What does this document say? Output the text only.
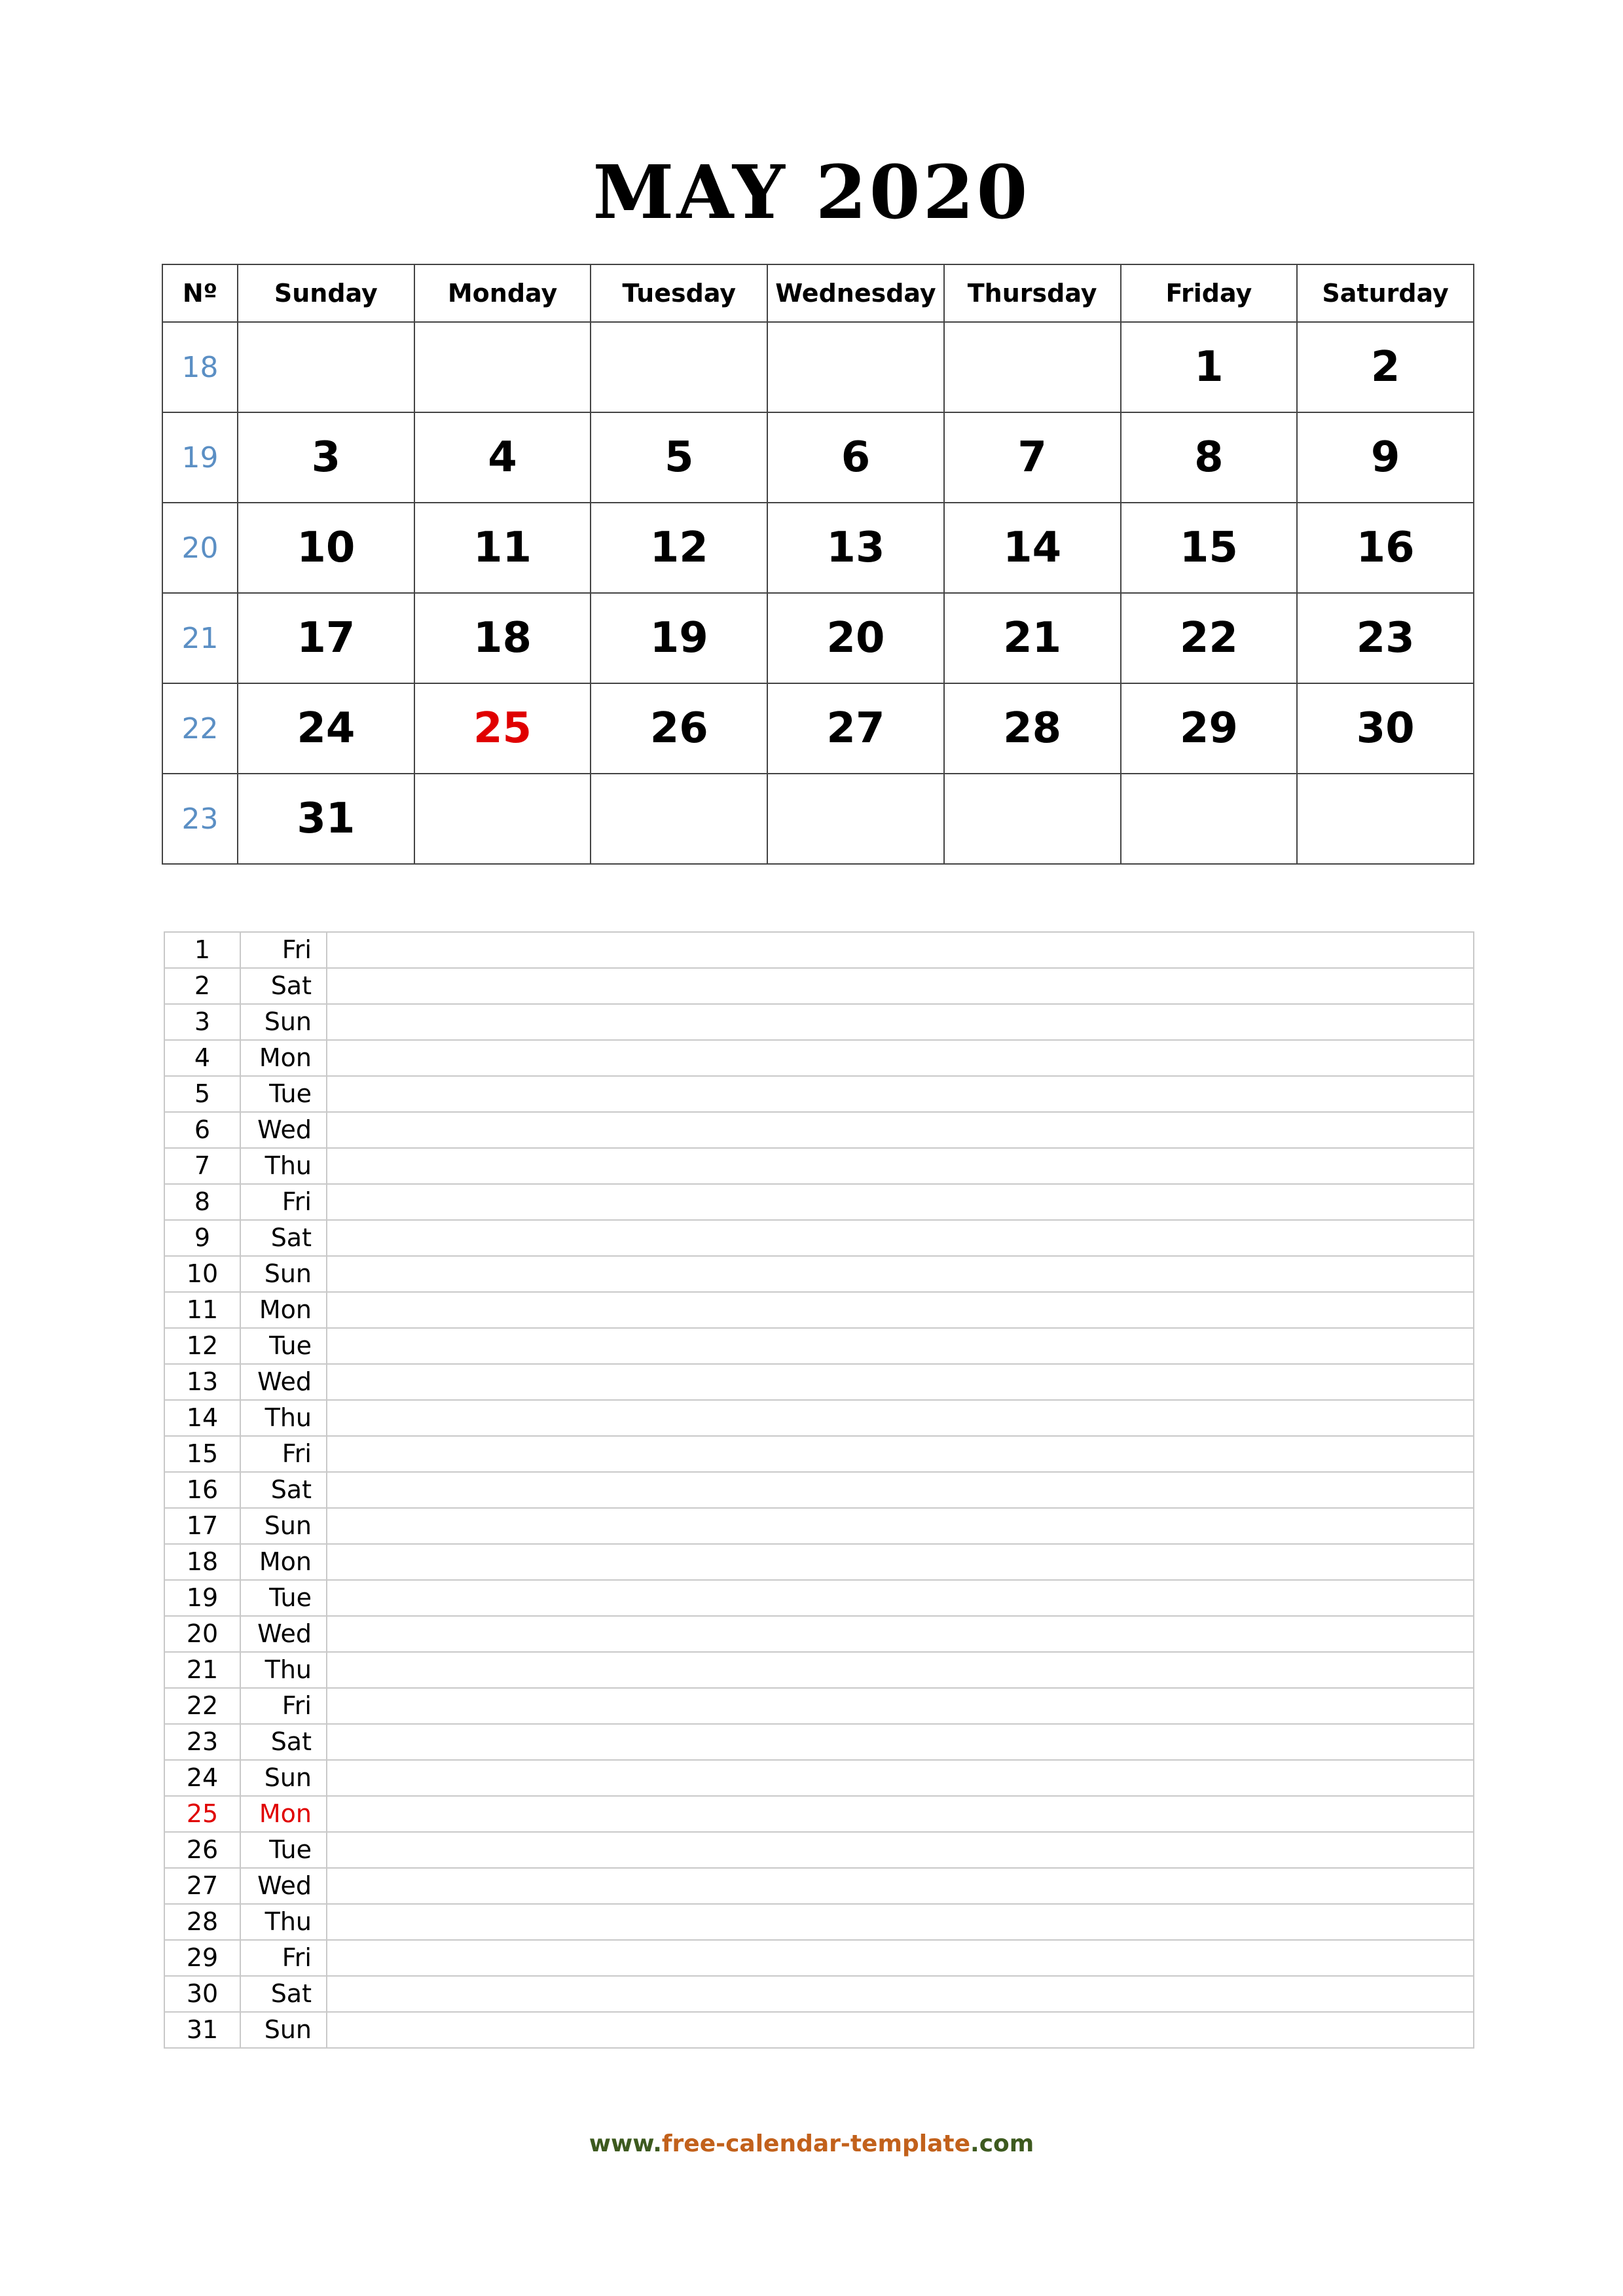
MAY 2020
Nº	Sunday	Monday	Tuesday	Wednesday	Thursday	Friday	Saturday
18						1	2
19	3	4	5	6	7	8	9
20	10	11	12	13	14	15	16
21	17	18	19	20	21	22	23
22	24	25	26	27	28	29	30
23	31						
1	Fri	
2	Sat	
3	Sun	
4	Mon	
5	Tue	
6	Wed	
7	Thu	
8	Fri	
9	Sat	
10	Sun	
11	Mon	
12	Tue	
13	Wed	
14	Thu	
15	Fri	
16	Sat	
17	Sun	
18	Mon	
19	Tue	
20	Wed	
21	Thu	
22	Fri	
23	Sat	
24	Sun	
25	Mon	
26	Tue	
27	Wed	
28	Thu	
29	Fri	
30	Sat	
31	Sun	
www.free-calendar-template.com
